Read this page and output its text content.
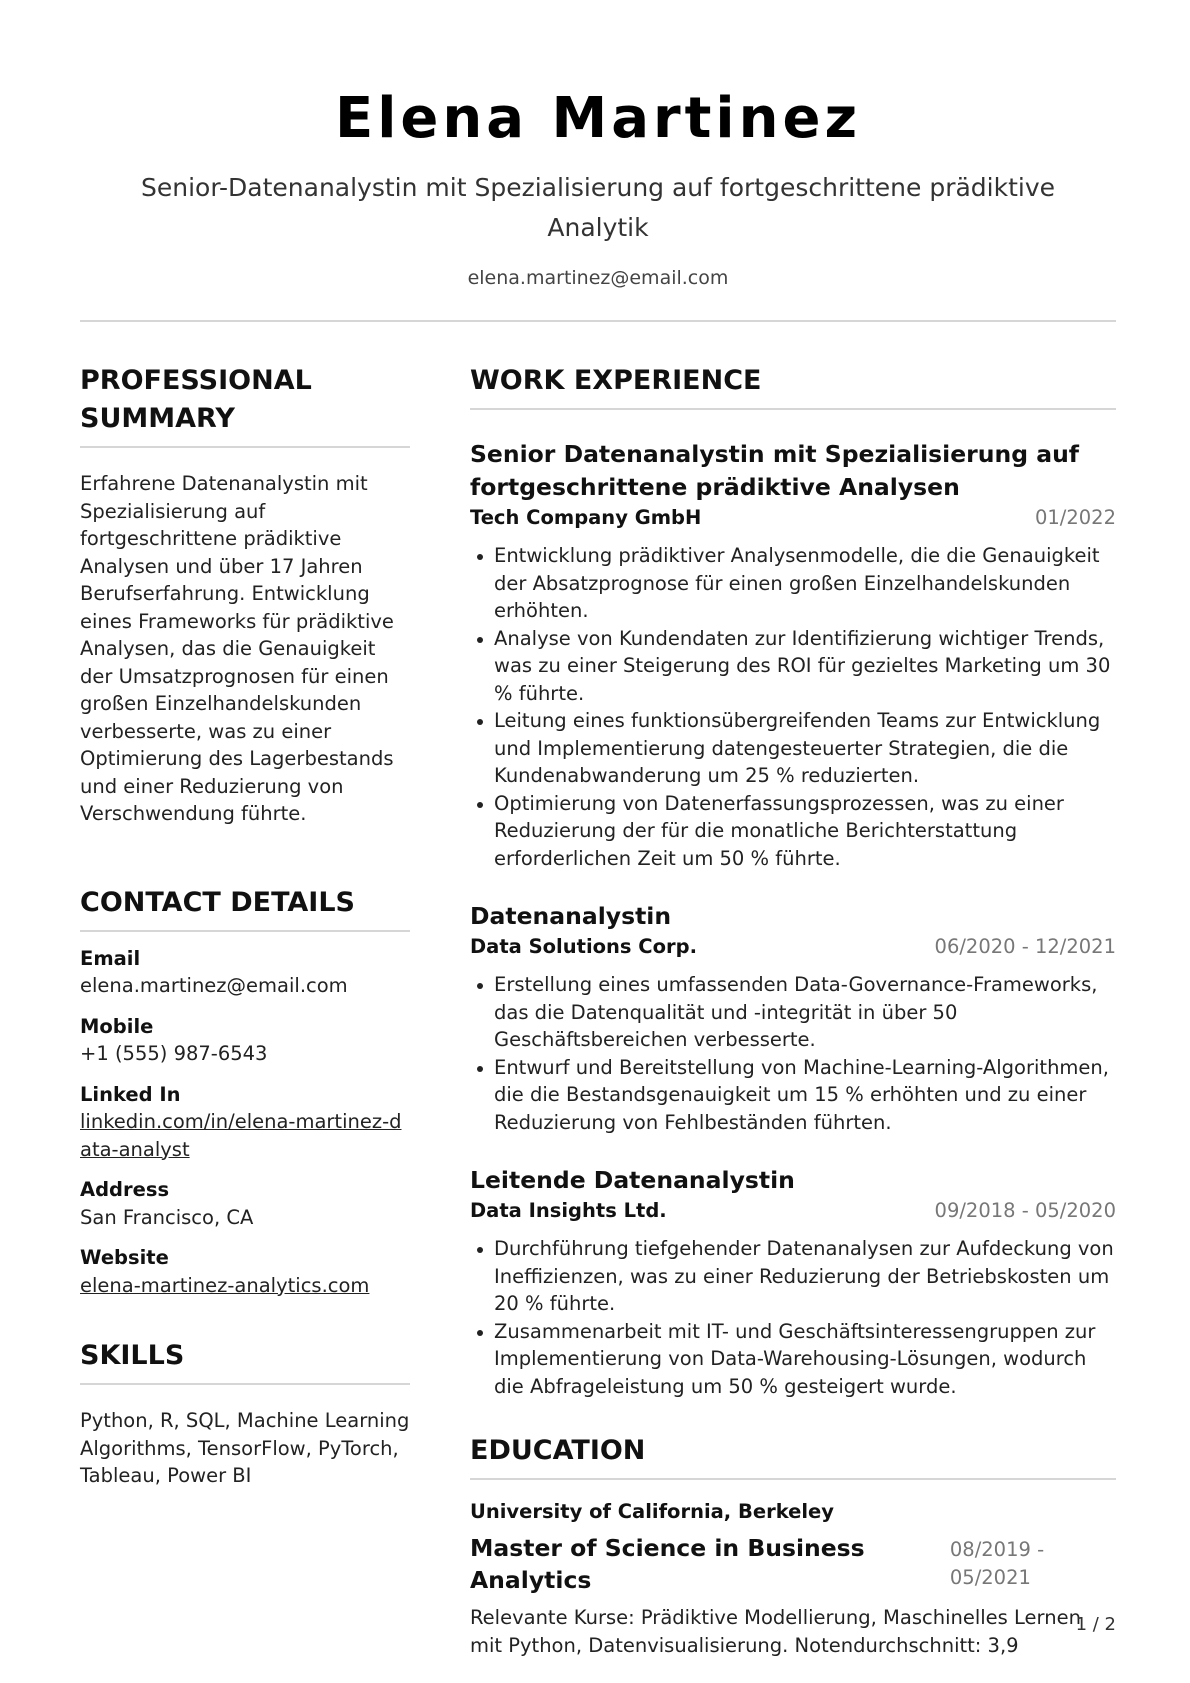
Elena Martinez
Senior-Datenanalystin mit Spezialisierung auf fortgeschrittene prädiktive Analytik
elena.martinez@email.com
PROFESSIONAL SUMMARY
Erfahrene Datenanalystin mit Spezialisierung auf fortgeschrittene prädiktive Analysen und über 17 Jahren Berufserfahrung. Entwicklung eines Frameworks für prädiktive Analysen, das die Genauigkeit der Umsatzprognosen für einen großen Einzelhandelskunden verbesserte, was zu einer Optimierung des Lagerbestands und einer Reduzierung von Verschwendung führte.
CONTACT DETAILS
Email
elena.martinez@email.com
Mobile
+1 (555) 987-6543
Linked In
linkedin.com/in/elena-martinez-data-analyst
Address
San Francisco, CA
Website
elena-martinez-analytics.com
SKILLS
Python, R, SQL, Machine Learning Algorithms, TensorFlow, PyTorch, Tableau, Power BI
WORK EXPERIENCE
Senior Datenanalystin mit Spezialisierung auf fortgeschrittene prädiktive Analysen
Tech Company GmbH	01/2022
Entwicklung prädiktiver Analysenmodelle, die die Genauigkeit der Absatzprognose für einen großen Einzelhandelskunden erhöhten.
Analyse von Kundendaten zur Identifizierung wichtiger Trends, was zu einer Steigerung des ROI für gezieltes Marketing um 30 % führte.
Leitung eines funktionsübergreifenden Teams zur Entwicklung und Implementierung datengesteuerter Strategien, die die Kundenabwanderung um 25 % reduzierten.
Optimierung von Datenerfassungsprozessen, was zu einer Reduzierung der für die monatliche Berichterstattung erforderlichen Zeit um 50 % führte.
Datenanalystin
Data Solutions Corp.	06/2020 - 12/2021
Erstellung eines umfassenden Data-Governance-Frameworks, das die Datenqualität und -integrität in über 50 Geschäftsbereichen verbesserte.
Entwurf und Bereitstellung von Machine-Learning-Algorithmen, die die Bestandsgenauigkeit um 15 % erhöhten und zu einer Reduzierung von Fehlbeständen führten.
Leitende Datenanalystin
Data Insights Ltd.	09/2018 - 05/2020
Durchführung tiefgehender Datenanalysen zur Aufdeckung von Ineffizienzen, was zu einer Reduzierung der Betriebskosten um 20 % führte.
Zusammenarbeit mit IT- und Geschäftsinteressengruppen zur Implementierung von Data-Warehousing-Lösungen, wodurch die Abfrageleistung um 50 % gesteigert wurde.
EDUCATION
University of California, Berkeley
Master of Science in Business Analytics
08/2019 - 05/2021
Relevante Kurse: Prädiktive Modellierung, Maschinelles Lernen mit Python, Datenvisualisierung. Notendurchschnitt: 3,9
1 / 2
